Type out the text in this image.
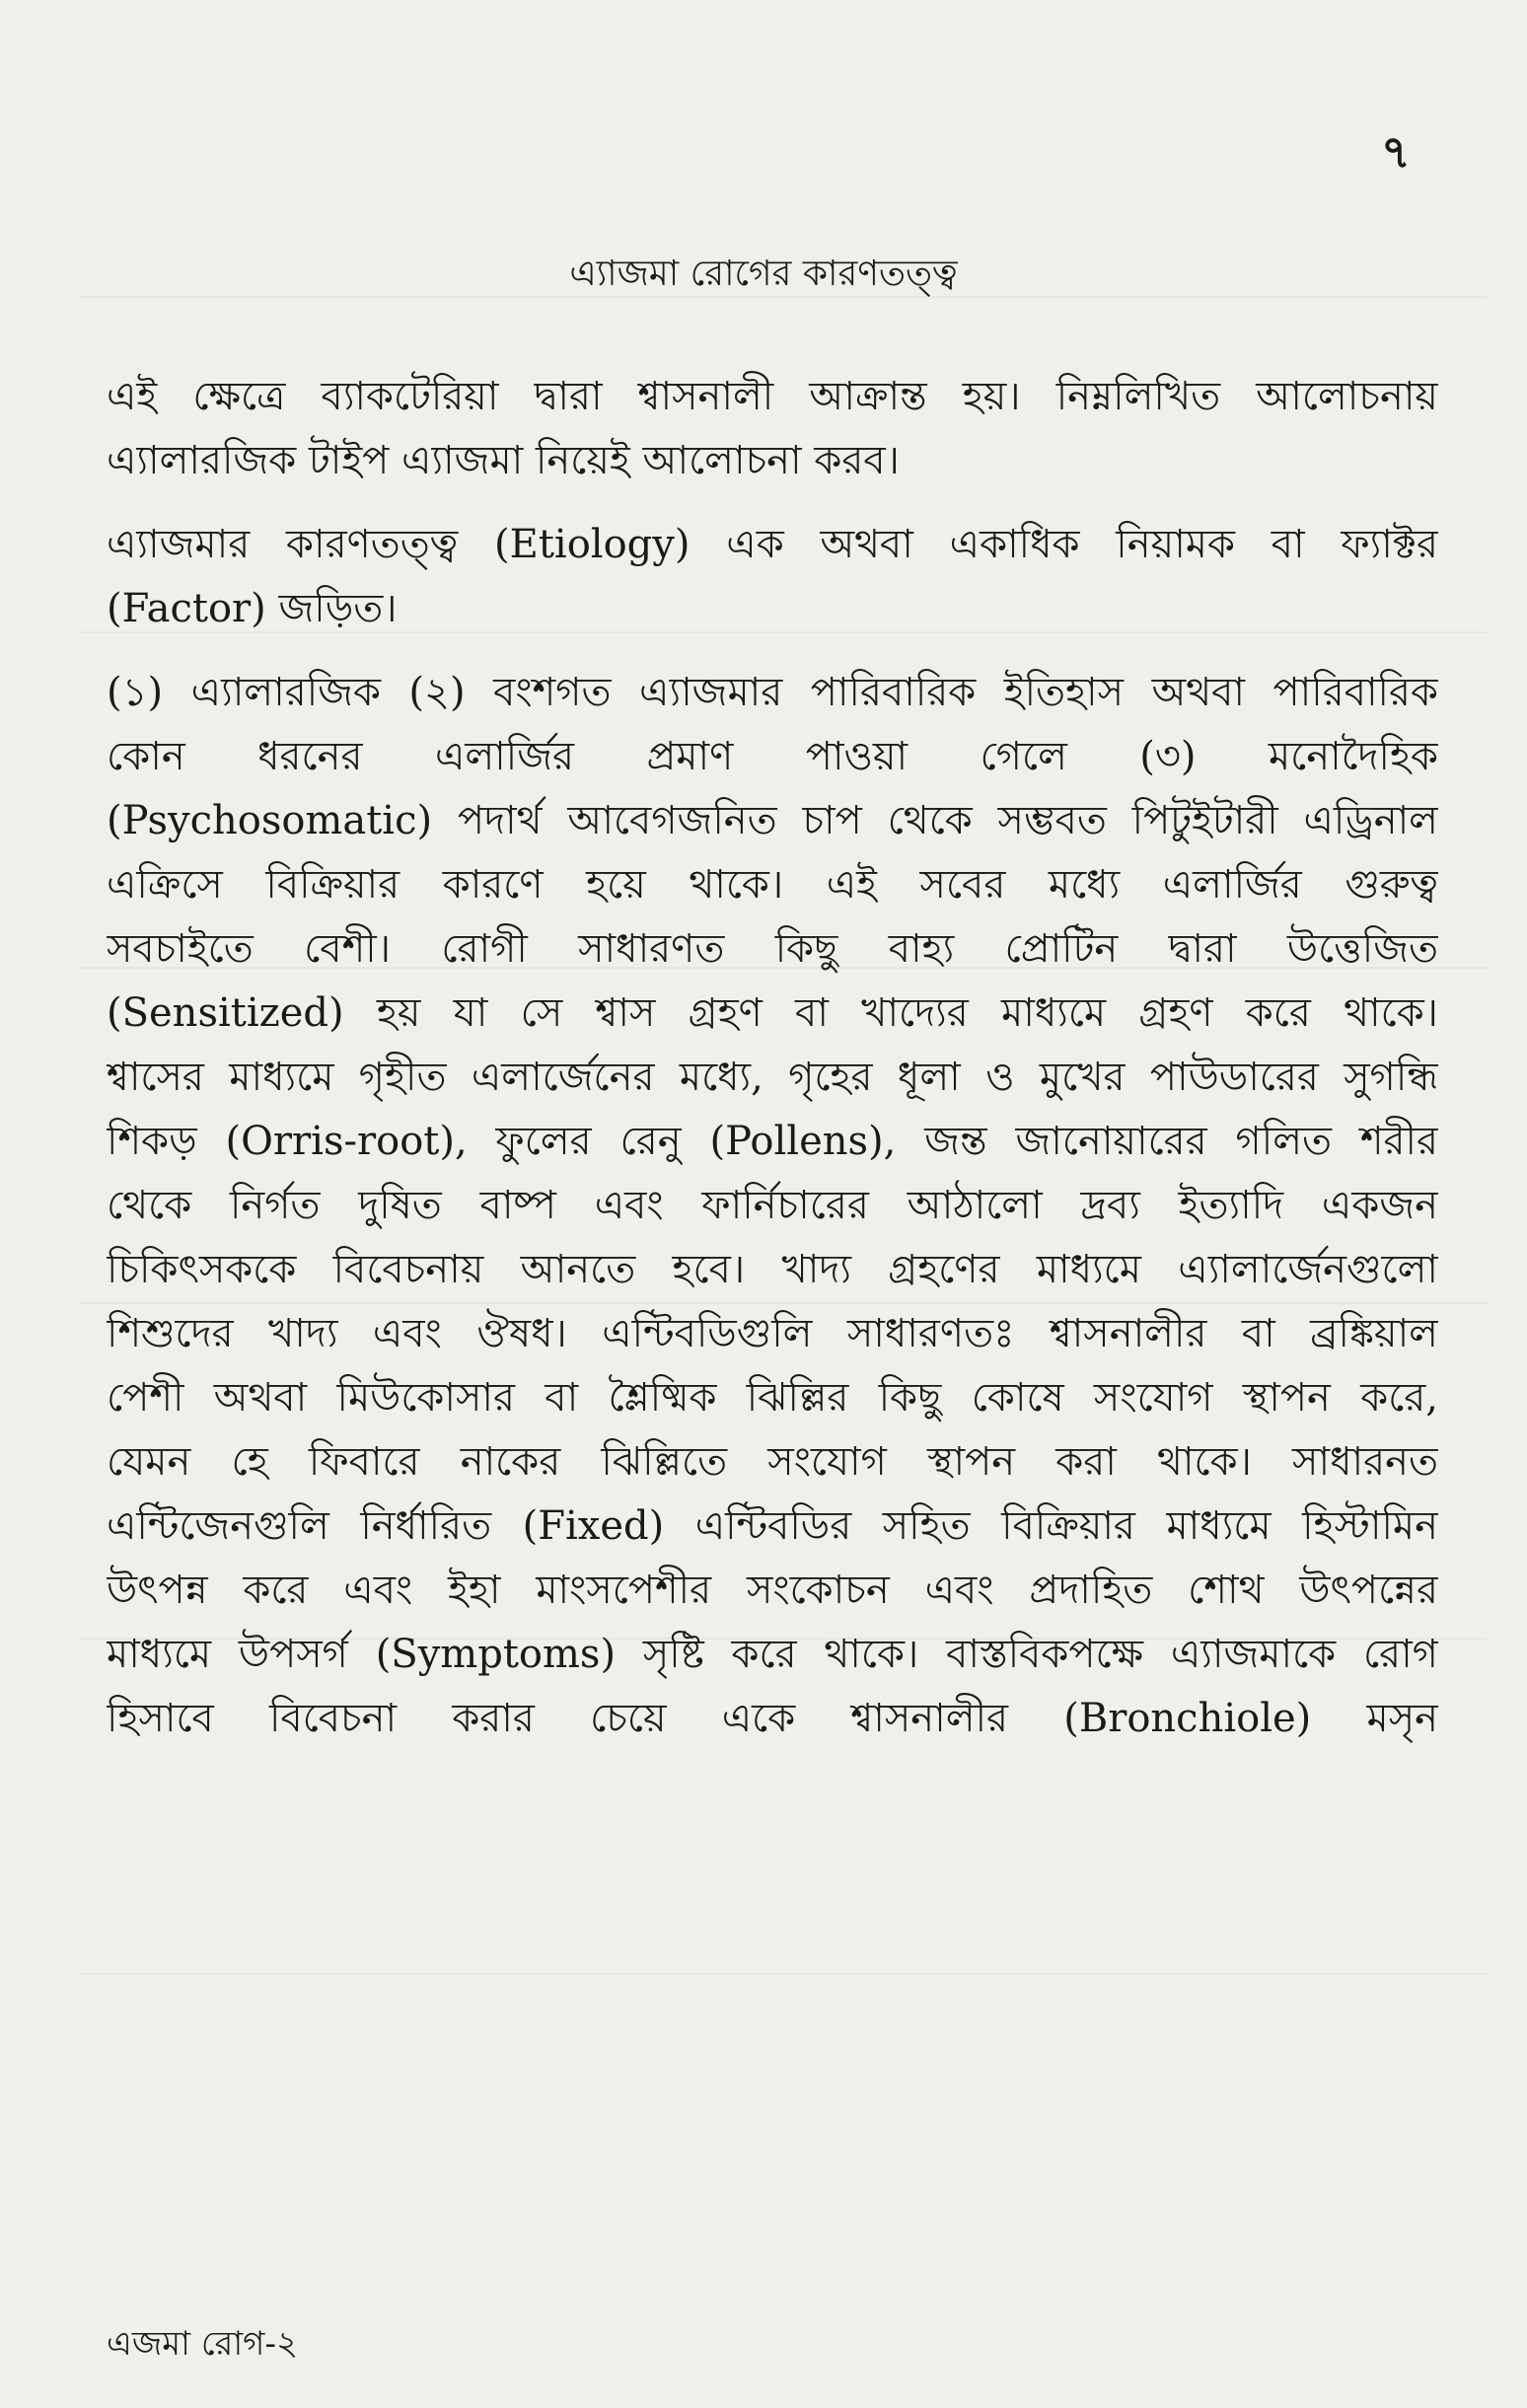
৭
এ্যাজমা রোগের কারণতত্ত্ব
এই ক্ষেত্রে ব্যাকটেরিয়া দ্বারা শ্বাসনালী আক্রান্ত হয়। নিম্নলিখিত আলোচনায়
এ্যালারজিক টাইপ এ্যাজমা নিয়েই আলোচনা করব।
এ্যাজমার কারণতত্ত্ব (Etiology) এক অথবা একাধিক নিয়ামক বা ফ্যাক্টর
(Factor) জড়িত।
(১) এ্যালারজিক (২) বংশগত এ্যাজমার পারিবারিক ইতিহাস অথবা পারিবারিক
কোন ধরনের এলার্জির প্রমাণ পাওয়া গেলে (৩) মনোদৈহিক
(Psychosomatic) পদার্থ আবেগজনিত চাপ থেকে সম্ভবত পিটুইটারী এড্রিনাল
এক্রিসে বিক্রিয়ার কারণে হয়ে থাকে। এই সবের মধ্যে এলার্জির গুরুত্ব
সবচাইতে বেশী। রোগী সাধারণত কিছু বাহ্য প্রোটিন দ্বারা উত্তেজিত
(Sensitized) হয় যা সে শ্বাস গ্রহণ বা খাদ্যের মাধ্যমে গ্রহণ করে থাকে।
শ্বাসের মাধ্যমে গৃহীত এলার্জেনের মধ্যে, গৃহের ধূলা ও মুখের পাউডারের সুগন্ধি
শিকড় (Orris-root), ফুলের রেনু (Pollens), জন্ত জানোয়ারের গলিত শরীর
থেকে নির্গত দুষিত বাষ্প এবং ফার্নিচারের আঠালো দ্রব্য ইত্যাদি একজন
চিকিৎসককে বিবেচনায় আনতে হবে। খাদ্য গ্রহণের মাধ্যমে এ্যালার্জেনগুলো
শিশুদের খাদ্য এবং ঔষধ। এন্টিবডিগুলি সাধারণতঃ শ্বাসনালীর বা ব্রঙ্কিয়াল
পেশী অথবা মিউকোসার বা শ্লৈষ্মিক ঝিল্লির কিছু কোষে সংযোগ স্থাপন করে,
যেমন হে ফিবারে নাকের ঝিল্লিতে সংযোগ স্থাপন করা থাকে। সাধারনত
এন্টিজেনগুলি নির্ধারিত (Fixed) এন্টিবডির সহিত বিক্রিয়ার মাধ্যমে হিস্টামিন
উৎপন্ন করে এবং ইহা মাংসপেশীর সংকোচন এবং প্রদাহিত শোথ উৎপন্নের
মাধ্যমে উপসর্গ (Symptoms) সৃষ্টি করে থাকে। বাস্তবিকপক্ষে এ্যাজমাকে রোগ
হিসাবে বিবেচনা করার চেয়ে একে শ্বাসনালীর (Bronchiole) মসৃন
এজমা রোগ-২
